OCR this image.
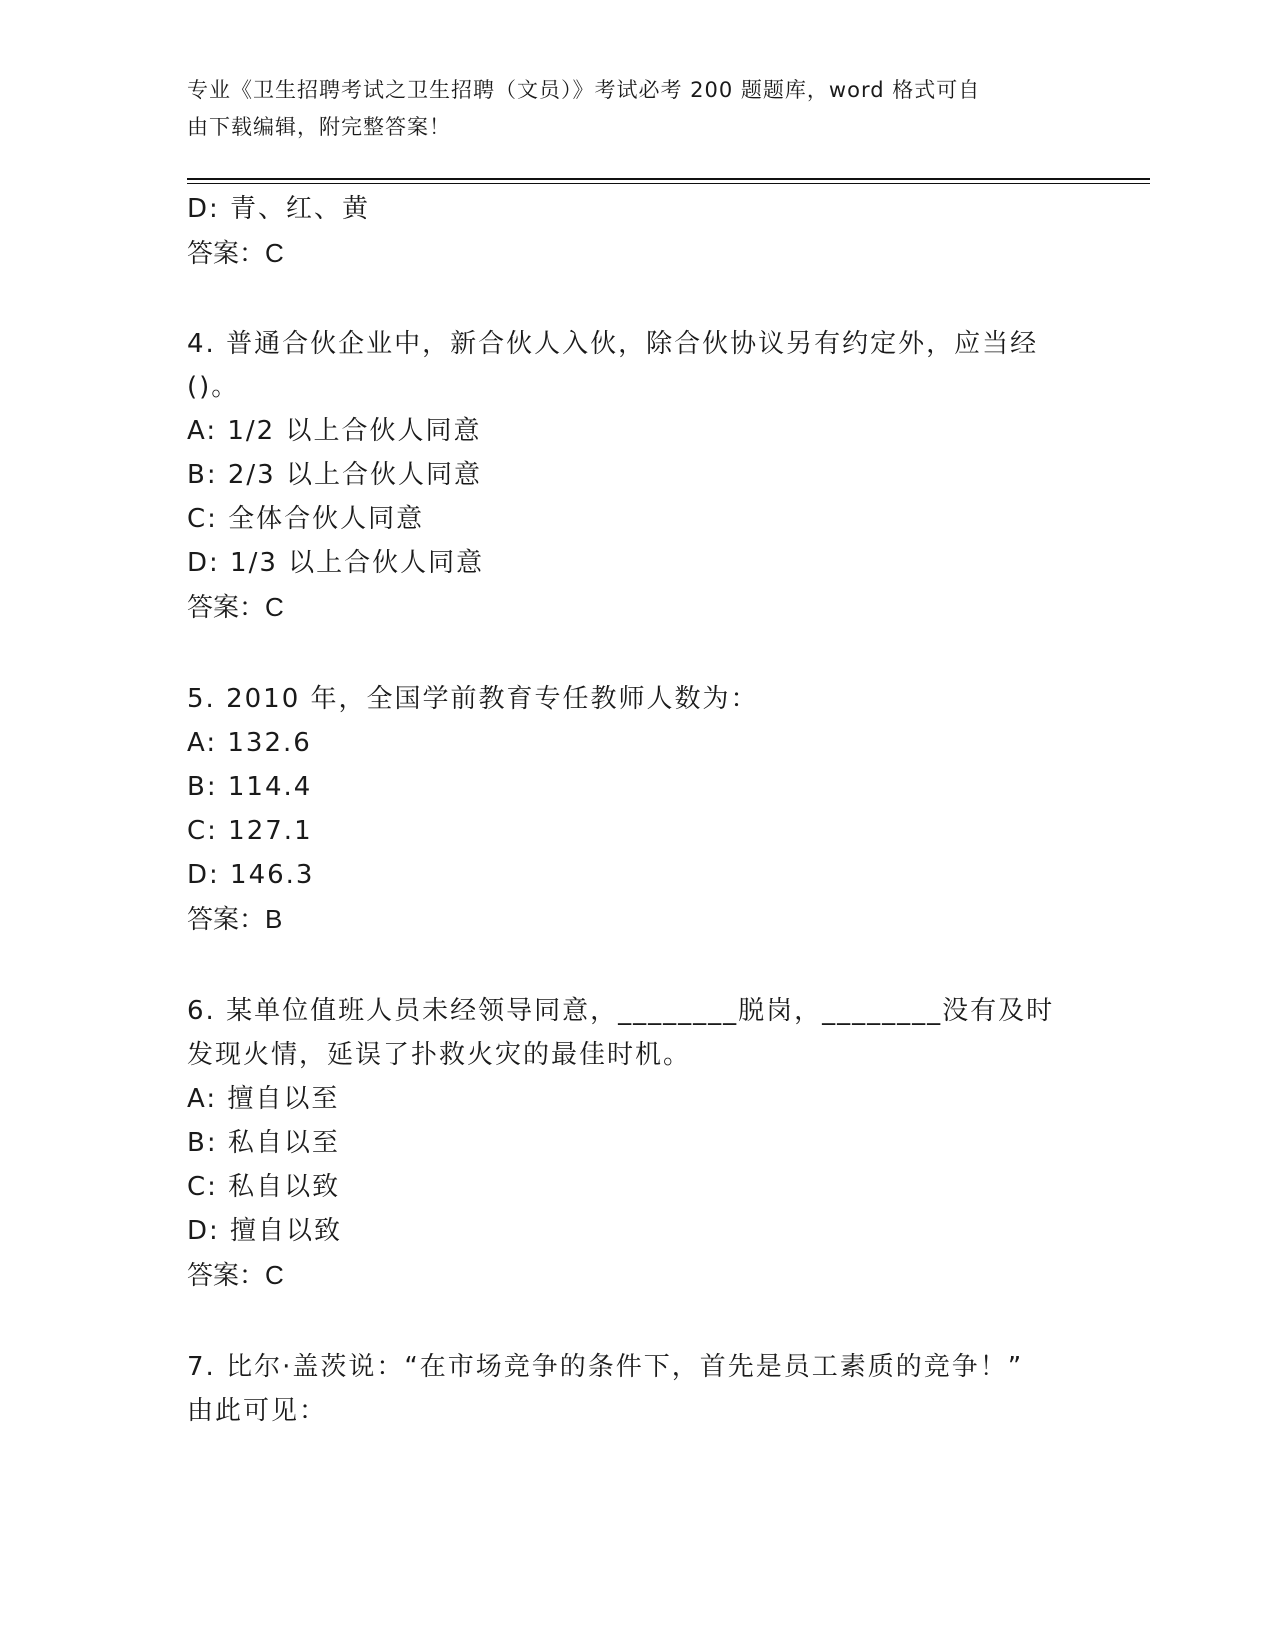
专业《卫生招聘考试之卫生招聘（文员）》考试必考 200 题题库，word 格式可自
由下载编辑，附完整答案！
D: 青、红、黄
答案：C
4. 普通合伙企业中，新合伙人入伙，除合伙协议另有约定外，应当经
()。
A: 1/2 以上合伙人同意
B: 2/3 以上合伙人同意
C: 全体合伙人同意
D: 1/3 以上合伙人同意
答案：C
5. 2010 年，全国学前教育专任教师人数为：
A: 132.6
B: 114.4
C: 127.1
D: 146.3
答案：B
6. 某单位值班人员未经领导同意，________脱岗，________没有及时
发现火情，延误了扑救火灾的最佳时机。
A: 擅自以至
B: 私自以至
C: 私自以致
D: 擅自以致
答案：C
7. 比尔·盖茨说：“在市场竞争的条件下，首先是员工素质的竞争！”
由此可见：
